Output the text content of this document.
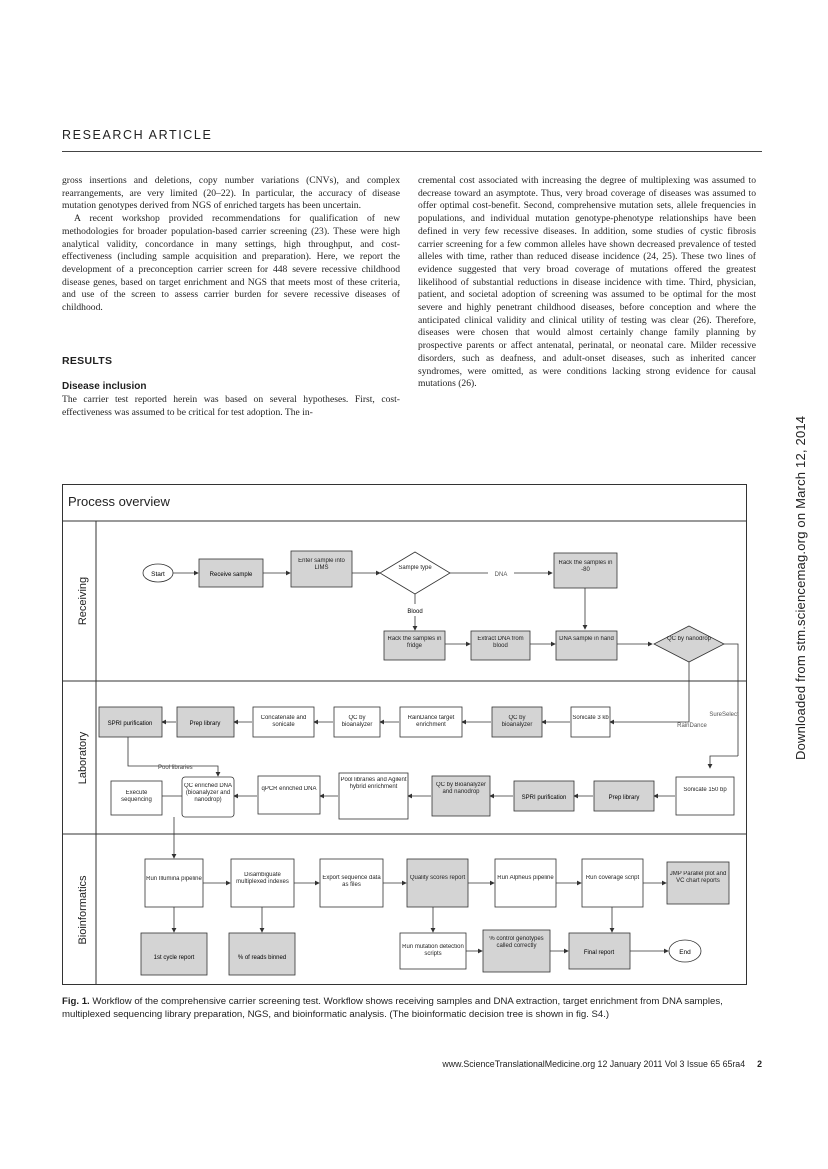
RESEARCH ARTICLE

gross insertions and deletions, copy number variations (CNVs), and complex rearrangements, are very limited (20–22). In particular, the accuracy of disease mutation genotypes derived from NGS of enriched targets has been uncertain.

A recent workshop provided recommendations for qualification of new methodologies for broader population-based carrier screening (23). These were high analytical validity, concordance in many settings, high throughput, and cost-effectiveness (including sample acquisition and preparation). Here, we report the development of a preconception carrier screen for 448 severe recessive childhood disease genes, based on target enrichment and NGS that meets most of these criteria, and use of the screen to assess carrier burden for severe recessive diseases of childhood.

RESULTS
Disease inclusion

The carrier test reported herein was based on several hypotheses. First, cost-effectiveness was assumed to be critical for test adoption. The in-

cremental cost associated with increasing the degree of multiplexing was assumed to decrease toward an asymptote. Thus, very broad coverage of diseases was assumed to offer optimal cost-benefit. Second, comprehensive mutation sets, allele frequencies in populations, and individual mutation genotype-phenotype relationships have been defined in very few recessive diseases. In addition, some studies of cystic fibrosis carrier screening for a few common alleles have shown decreased prevalence of tested alleles with time, rather than reduced disease incidence (24, 25). These two lines of evidence suggested that very broad coverage of mutations offered the greatest likelihood of substantial reductions in disease incidence with time. Third, physician, patient, and societal adoption of screening was assumed to be optimal for the most severe and highly penetrant childhood diseases, before conception and where the anticipated clinical validity and clinical utility of testing was clear (26). Therefore, diseases were chosen that would almost certainly change family planning by prospective parents or affect antenatal, perinatal, or neonatal care. Milder recessive disorders, such as deafness, and adult-onset diseases, such as inherited cancer syndromes, were omitted, as were conditions lacking strong evidence for causal mutations (26).

Downloaded from stm.sciencemag.org on March 12, 2014
Process overview
Receiving
Laboratory
Bioinformatics
Start	Receive sample
Enter sample into LIMS	Sample type
DNA
Blood
Rack the samples in -80
Rack the samples in fridge
Extract DNA from blood
DNA sample in hand	QC by nanodrop
RainDance
SureSelect
Sonicate 3 kb
QC by bioanalyzer
RainDance target enrichment
QC by bioanalyzer
Concatenate and sonicate
Prep library
SPRI purification
Pool libraries
Sonicate 150 bp
Prep library
SPRI purification
QC by Bioanalyzer and nanodrop
Pool libraries and Agilent hybrid enrichment
qPCR enriched DNA
QC enriched DNA (bioanalyzer and nanodrop)
Execute sequencing
Run Illumina pipeline
Disambiguate multiplexed indexes
Export sequence data as files
Quality scores report	Run Alpheus pipeline	Run coverage script
JMP Parallel plot and VC chart reports
1st cycle report	% of reads binned
Run mutation detection scripts
% control genotypes called correctly
Final report	End
Fig. 1. Workflow of the comprehensive carrier screening test. Workflow shows receiving samples and DNA extraction, target enrichment from DNA samples, multiplexed sequencing library preparation, NGS, and bioinformatic analysis. (The bioinformatic decision tree is shown in fig. S4.)
www.ScienceTranslationalMedicine.org 12 January 2011 Vol 3 Issue 65 65ra4 2
